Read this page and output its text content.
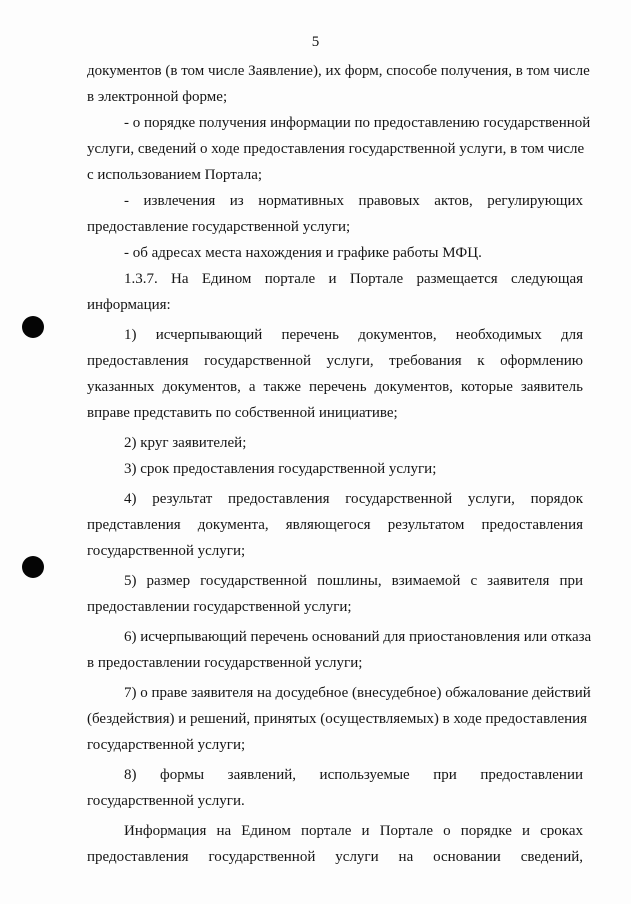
5
документов (в том числе Заявление), их форм, способе получения, в том числе
в электронной форме;
- о порядке получения информации по предоставлению государственной
услуги, сведений о ходе предоставления государственной услуги, в том числе
с использованием Портала;
- извлечения из нормативных правовых актов, регулирующих
предоставление государственной услуги;
- об адресах места нахождения и графике работы МФЦ.
1.3.7. На Едином портале и Портале размещается следующая
информация:
1) исчерпывающий перечень документов, необходимых для
предоставления государственной услуги, требования к оформлению
указанных документов, а также перечень документов, которые заявитель
вправе представить по собственной инициативе;
2) круг заявителей;
3) срок предоставления государственной услуги;
4) результат предоставления государственной услуги, порядок
представления документа, являющегося результатом предоставления
государственной услуги;
5) размер государственной пошлины, взимаемой с заявителя при
предоставлении государственной услуги;
6) исчерпывающий перечень оснований для приостановления или отказа
в предоставлении государственной услуги;
7) о праве заявителя на досудебное (внесудебное) обжалование действий
(бездействия) и решений, принятых (осуществляемых) в ходе предоставления
государственной услуги;
8) формы заявлений, используемые при предоставлении
государственной услуги.
Информация на Едином портале и Портале о порядке и сроках
предоставления государственной услуги на основании сведений,
